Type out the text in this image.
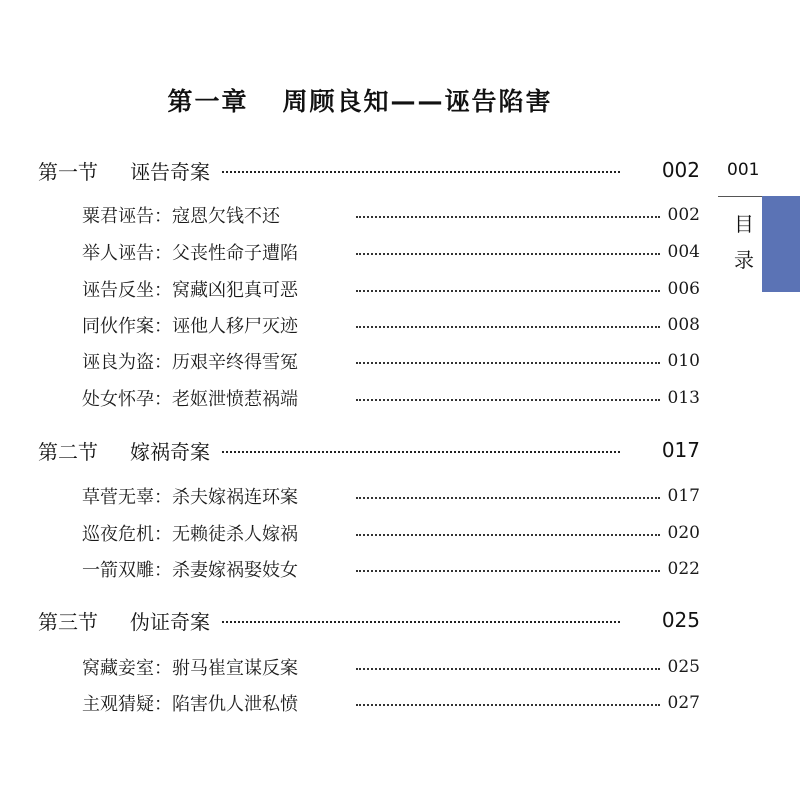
第一章 周顾良知——诬告陷害
第一节 诬告奇案	002
粟君诬告：寇恩欠钱不还	002
举人诬告：父丧性命子遭陷	004
诬告反坐：窝藏凶犯真可恶	006
同伙作案：诬他人移尸灭迹	008
诬良为盗：历艰辛终得雪冤	010
处女怀孕：老妪泄愤惹祸端	013
第二节 嫁祸奇案	017
草菅无辜：杀夫嫁祸连环案	017
巡夜危机：无赖徒杀人嫁祸	020
一箭双雕：杀妻嫁祸娶妓女	022
第三节 伪证奇案	025
窝藏妾室：驸马崔宣谋反案	025
主观猜疑：陷害仇人泄私愤	027
001
目
录
